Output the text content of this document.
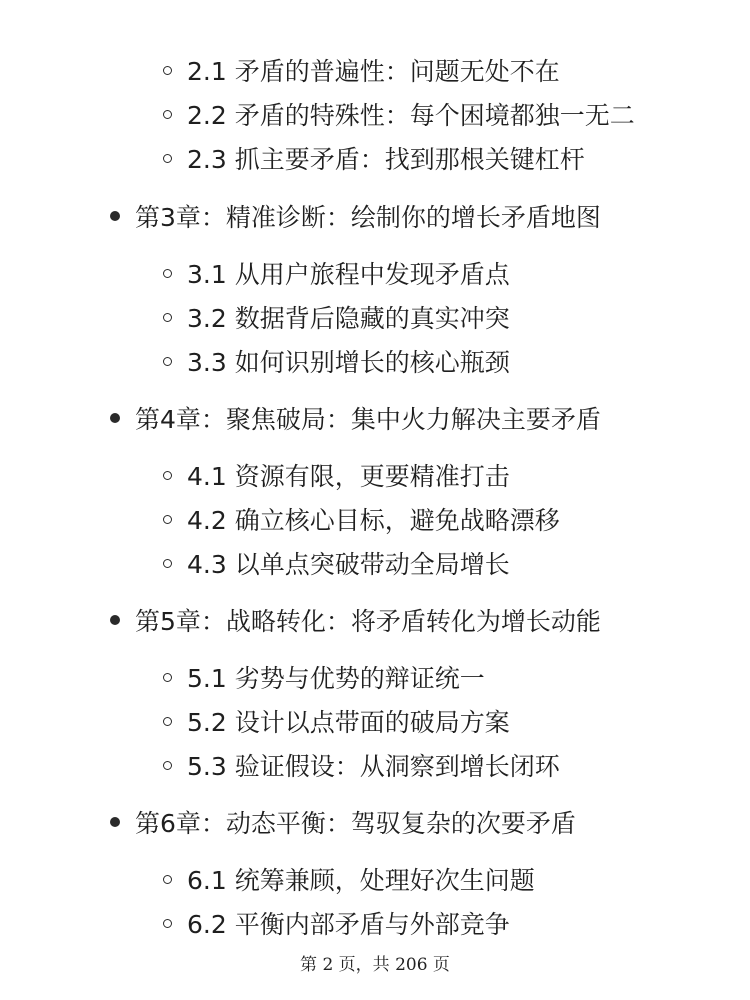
2.1 矛盾的普遍性：问题无处不在
2.2 矛盾的特殊性：每个困境都独一无二
2.3 抓主要矛盾：找到那根关键杠杆
第3章：精准诊断：绘制你的增长矛盾地图
3.1 从用户旅程中发现矛盾点
3.2 数据背后隐藏的真实冲突
3.3 如何识别增长的核心瓶颈
第4章：聚焦破局：集中火力解决主要矛盾
4.1 资源有限，更要精准打击
4.2 确立核心目标，避免战略漂移
4.3 以单点突破带动全局增长
第5章：战略转化：将矛盾转化为增长动能
5.1 劣势与优势的辩证统一
5.2 设计以点带面的破局方案
5.3 验证假设：从洞察到增长闭环
第6章：动态平衡：驾驭复杂的次要矛盾
6.1 统筹兼顾，处理好次生问题
6.2 平衡内部矛盾与外部竞争
第 2 页，共 206 页
